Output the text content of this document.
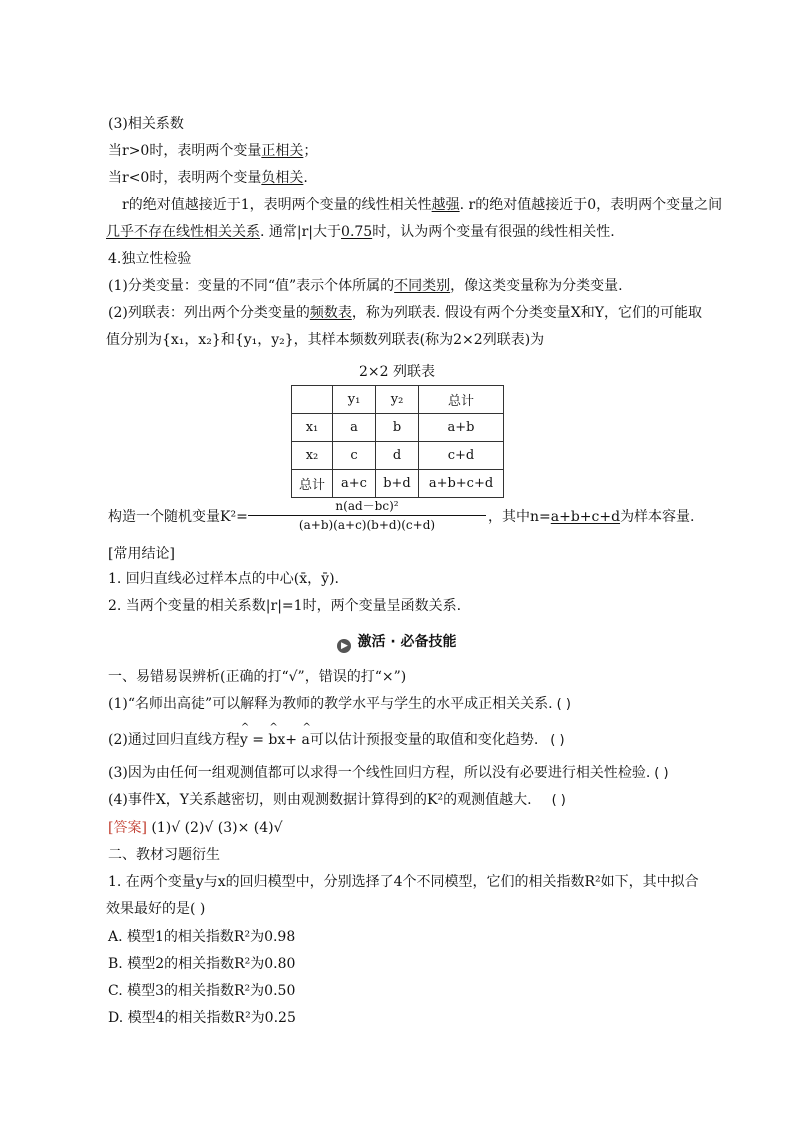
(3)相关系数
当r>0时，表明两个变量正相关；
当r<0时，表明两个变量负相关.
r的绝对值越接近于1，表明两个变量的线性相关性越强. r的绝对值越接近于0，表明两个变量之间
几乎不存在线性相关关系. 通常|r|大于0.75时，认为两个变量有很强的线性相关性.
4.独立性检验
(1)分类变量：变量的不同“值”表示个体所属的不同类别，像这类变量称为分类变量.
(2)列联表：列出两个分类变量的频数表，称为列联表. 假设有两个分类变量X和Y，它们的可能取
值分别为{x₁，x₂}和{y₁，y₂}，其样本频数列联表(称为2×2列联表)为
2×2 列联表
	y₁	y₂	总计
x₁	a	b	a+b
x₂	c	d	c+d
总计	a+c	b+d	a+b+c+d
构造一个随机变量K²=
n(ad－bc)²
(a+b)(a+c)(b+d)(c+d)	，其中n=a+b+c+d为样本容量.
[常用结论]
1. 回归直线必过样本点的中心(x̄，ȳ).
2. 当两个变量的相关系数|r|=1时，两个变量呈函数关系.
▶ 激活 · 必备技能
一、易错易误辨析(正确的打“√”，错误的打“×”)
(1)“名师出高徒”可以解释为教师的教学水平与学生的水平成正相关关系. ( )
(2)通过回归直线方程^ y = ^ bx+ ^ a可以估计预报变量的取值和变化趋势. ( )
(3)因为由任何一组观测值都可以求得一个线性回归方程，所以没有必要进行相关性检验. ( )
(4)事件X，Y关系越密切，则由观测数据计算得到的K²的观测值越大. ( )
[答案] (1)√ (2)√ (3)× (4)√
二、教材习题衍生
1. 在两个变量y与x的回归模型中，分别选择了4个不同模型，它们的相关指数R²如下，其中拟合
效果最好的是( )
A. 模型1的相关指数R²为0.98
B. 模型2的相关指数R²为0.80
C. 模型3的相关指数R²为0.50
D. 模型4的相关指数R²为0.25
